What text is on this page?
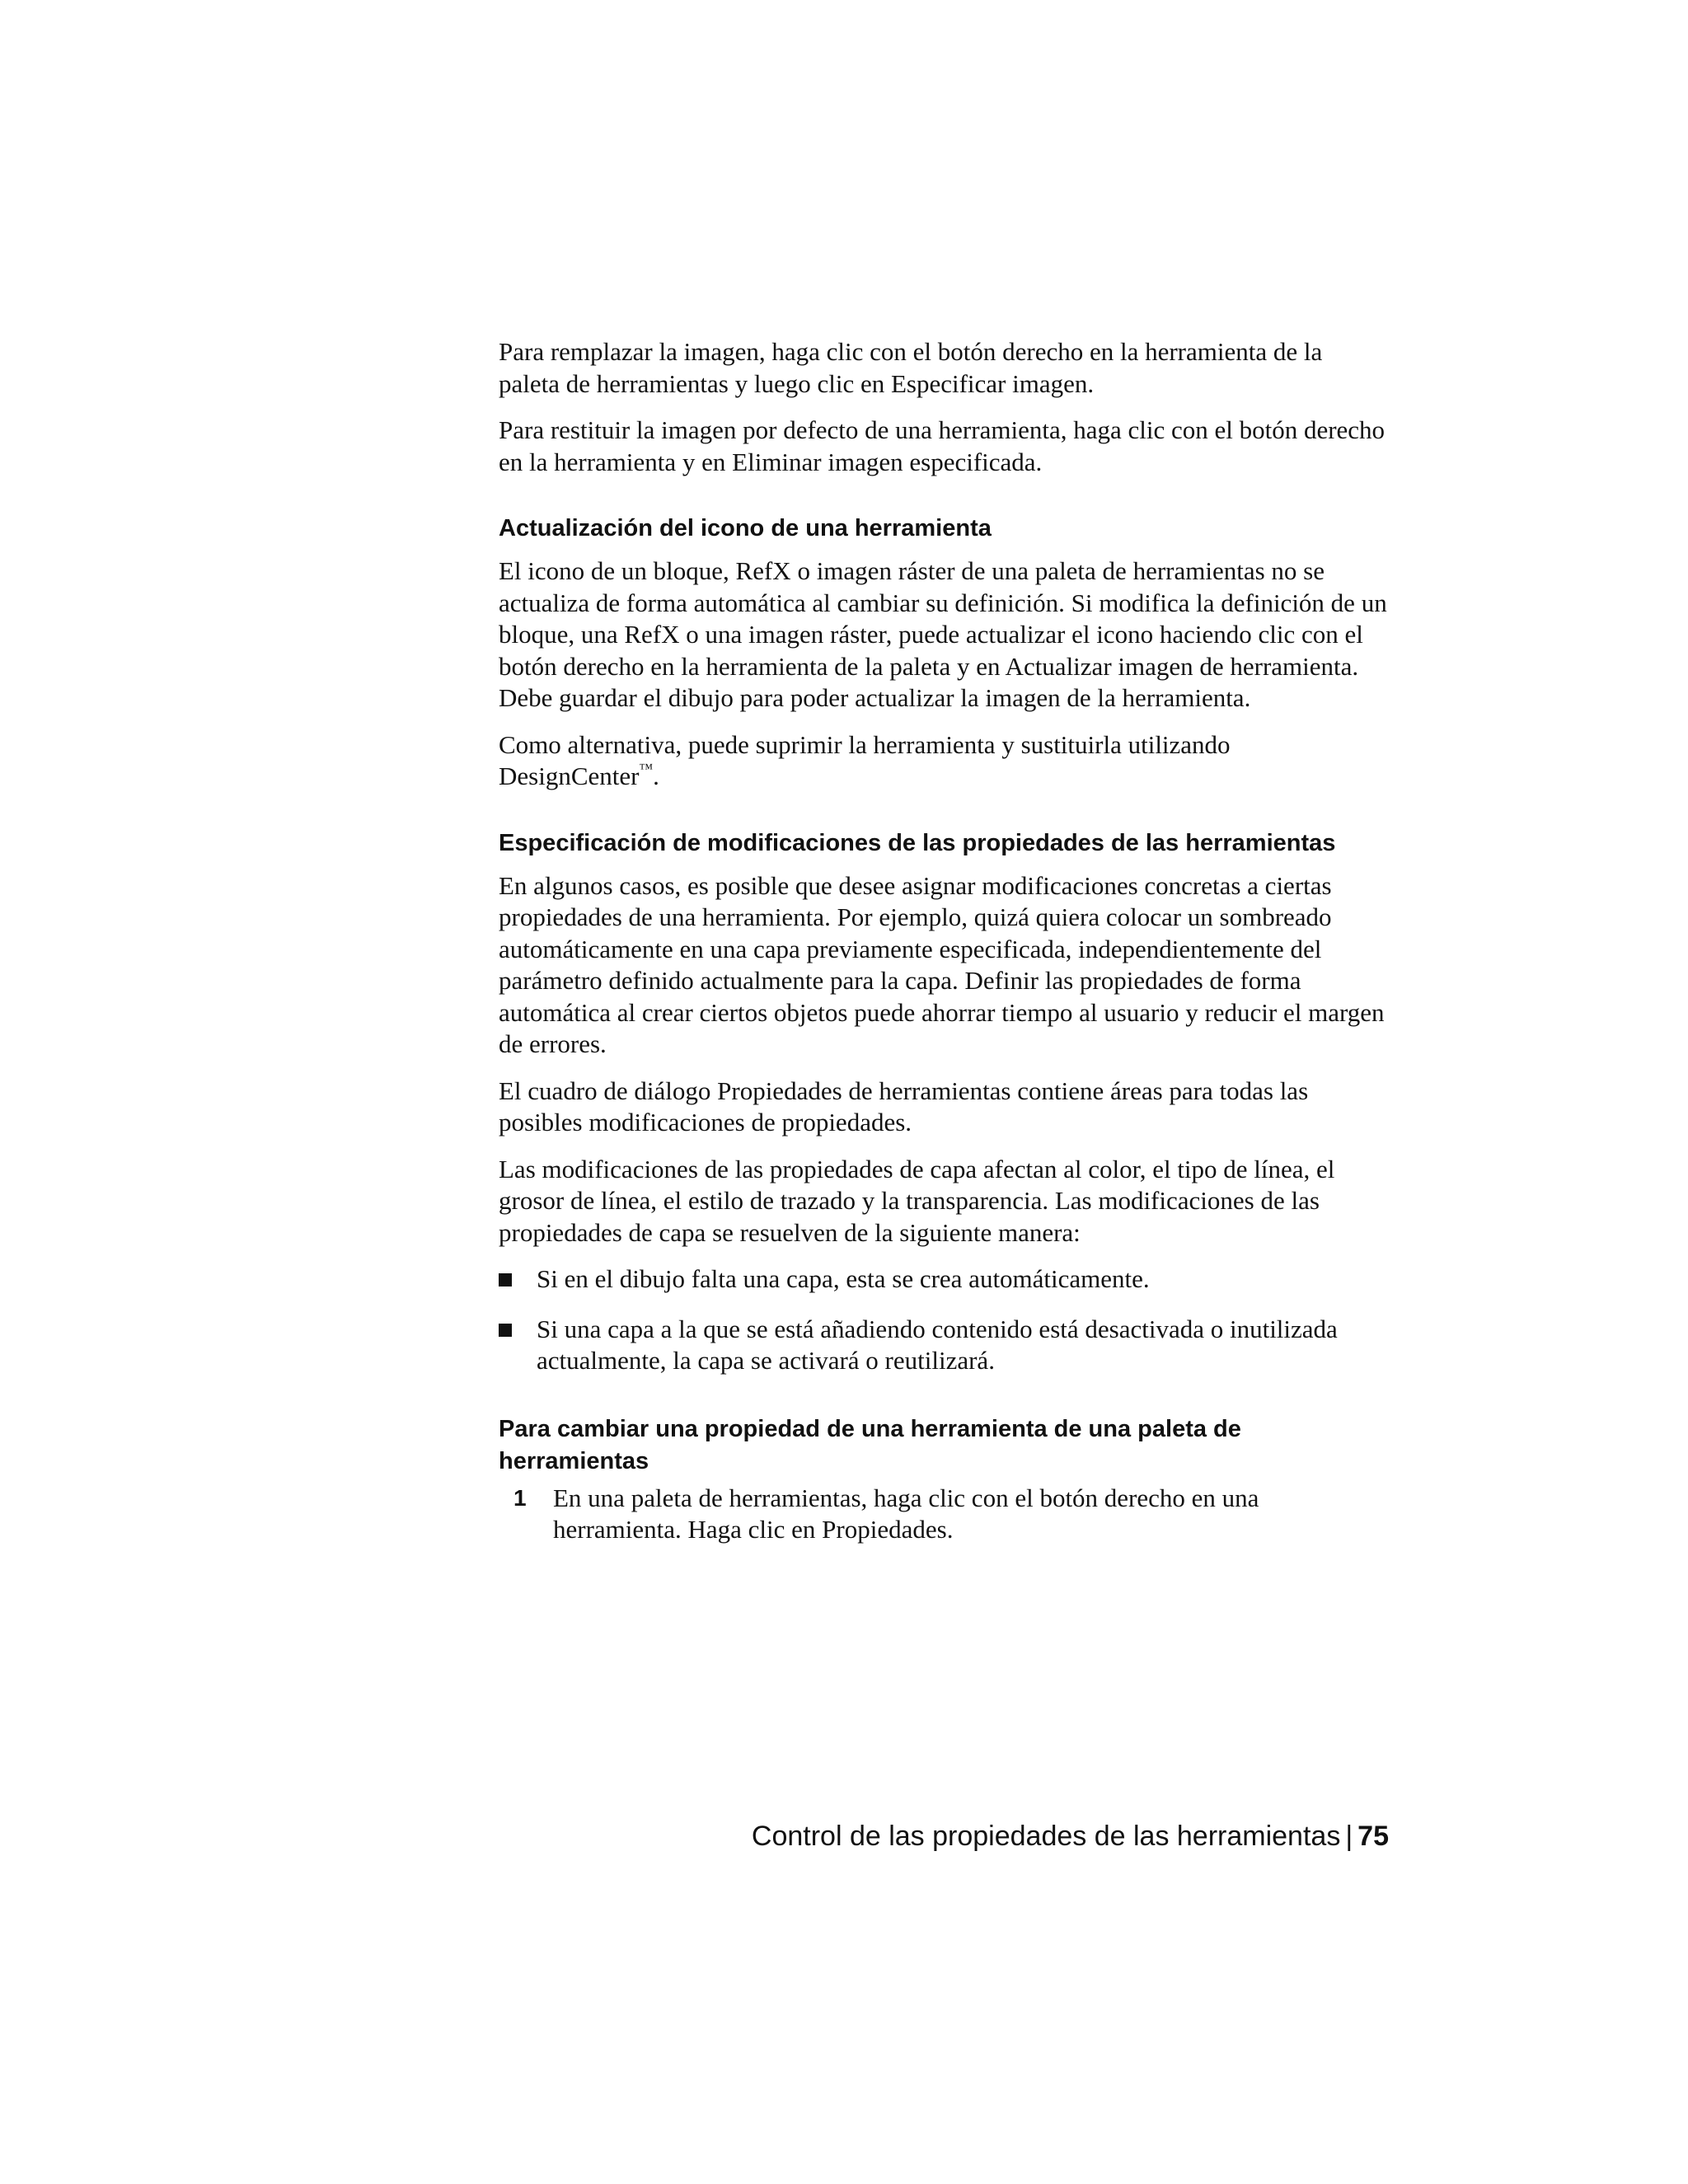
Para remplazar la imagen, haga clic con el botón derecho en la herramienta de la paleta de herramientas y luego clic en Especificar imagen.

Para restituir la imagen por defecto de una herramienta, haga clic con el botón derecho en la herramienta y en Eliminar imagen especificada.

Actualización del icono de una herramienta

El icono de un bloque, RefX o imagen ráster de una paleta de herramientas no se actualiza de forma automática al cambiar su definición. Si modifica la definición de un bloque, una RefX o una imagen ráster, puede actualizar el icono haciendo clic con el botón derecho en la herramienta de la paleta y en Actualizar imagen de herramienta. Debe guardar el dibujo para poder actualizar la imagen de la herramienta.

Como alternativa, puede suprimir la herramienta y sustituirla utilizando DesignCenter™.

Especificación de modificaciones de las propiedades de las herramientas

En algunos casos, es posible que desee asignar modificaciones concretas a ciertas propiedades de una herramienta. Por ejemplo, quizá quiera colocar un sombreado automáticamente en una capa previamente especificada, independientemente del parámetro definido actualmente para la capa. Definir las propiedades de forma automática al crear ciertos objetos puede ahorrar tiempo al usuario y reducir el margen de errores.

El cuadro de diálogo Propiedades de herramientas contiene áreas para todas las posibles modificaciones de propiedades.

Las modificaciones de las propiedades de capa afectan al color, el tipo de línea, el grosor de línea, el estilo de trazado y la transparencia. Las modificaciones de las propiedades de capa se resuelven de la siguiente manera:

Si en el dibujo falta una capa, esta se crea automáticamente.
Si una capa a la que se está añadiendo contenido está desactivada o inutilizada actualmente, la capa se activará o reutilizará.
Para cambiar una propiedad de una herramienta de una paleta de herramientas
1 En una paleta de herramientas, haga clic con el botón derecho en una herramienta. Haga clic en Propiedades.
Control de las propiedades de las herramientas | 75
